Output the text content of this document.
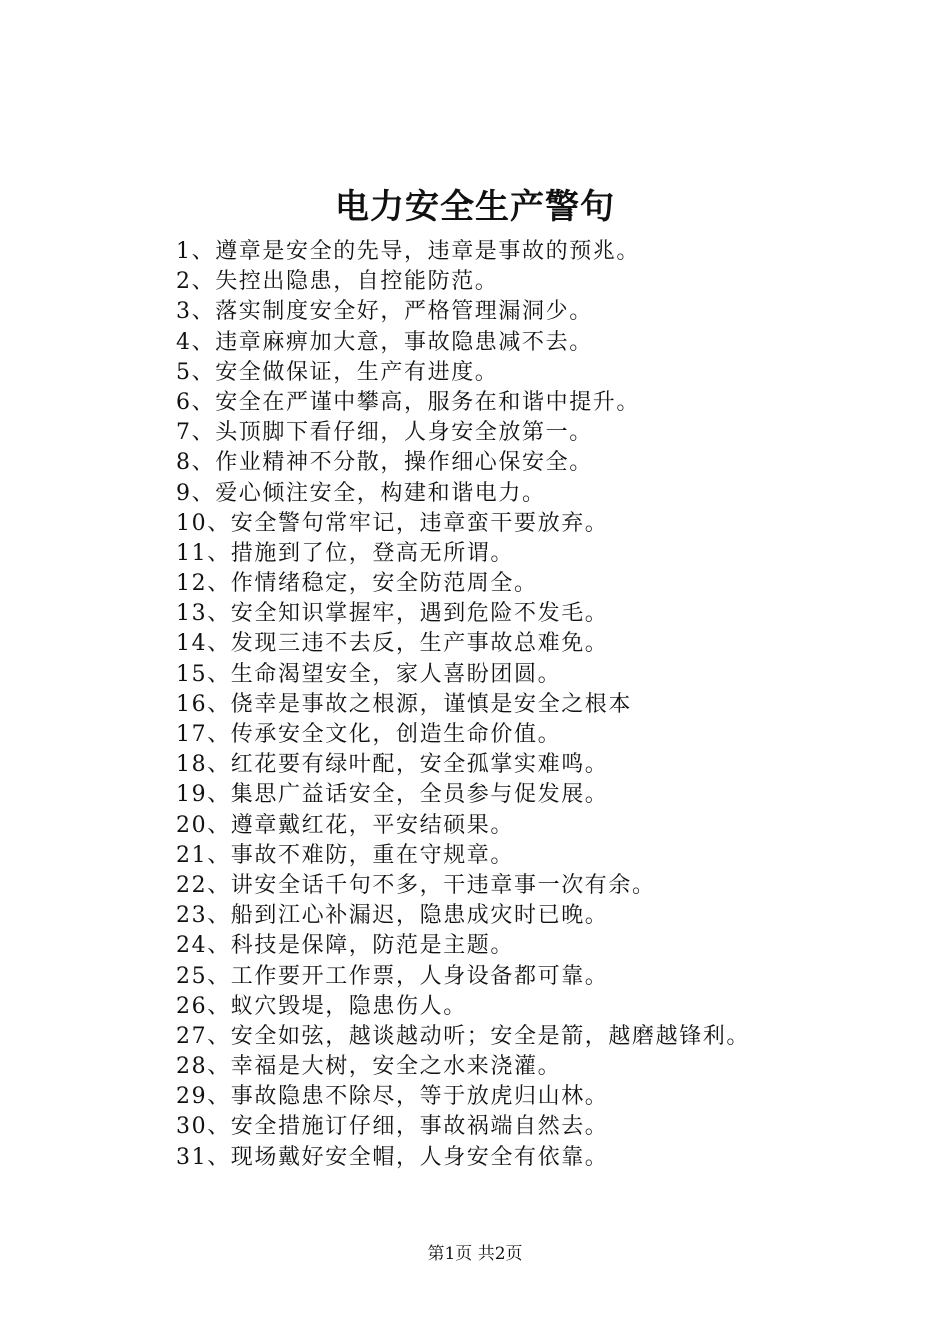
电力安全生产警句
1、遵章是安全的先导，违章是事故的预兆。
2、失控出隐患，自控能防范。
3、落实制度安全好，严格管理漏洞少。
4、违章麻痹加大意，事故隐患减不去。
5、安全做保证，生产有进度。
6、安全在严谨中攀高，服务在和谐中提升。
7、头顶脚下看仔细，人身安全放第一。
8、作业精神不分散，操作细心保安全。
9、爱心倾注安全，构建和谐电力。
10、安全警句常牢记，违章蛮干要放弃。
11、措施到了位，登高无所谓。
12、作情绪稳定，安全防范周全。
13、安全知识掌握牢，遇到危险不发毛。
14、发现三违不去反，生产事故总难免。
15、生命渴望安全，家人喜盼团圆。
16、侥幸是事故之根源，谨慎是安全之根本
17、传承安全文化，创造生命价值。
18、红花要有绿叶配，安全孤掌实难鸣。
19、集思广益话安全，全员参与促发展。
20、遵章戴红花，平安结硕果。
21、事故不难防，重在守规章。
22、讲安全话千句不多，干违章事一次有余。
23、船到江心补漏迟，隐患成灾时已晚。
24、科技是保障，防范是主题。
25、工作要开工作票，人身设备都可靠。
26、蚁穴毁堤，隐患伤人。
27、安全如弦，越谈越动听；安全是箭，越磨越锋利。
28、幸福是大树，安全之水来浇灌。
29、事故隐患不除尽，等于放虎归山林。
30、安全措施订仔细，事故祸端自然去。
31、现场戴好安全帽，人身安全有依靠。
第1页 共2页
